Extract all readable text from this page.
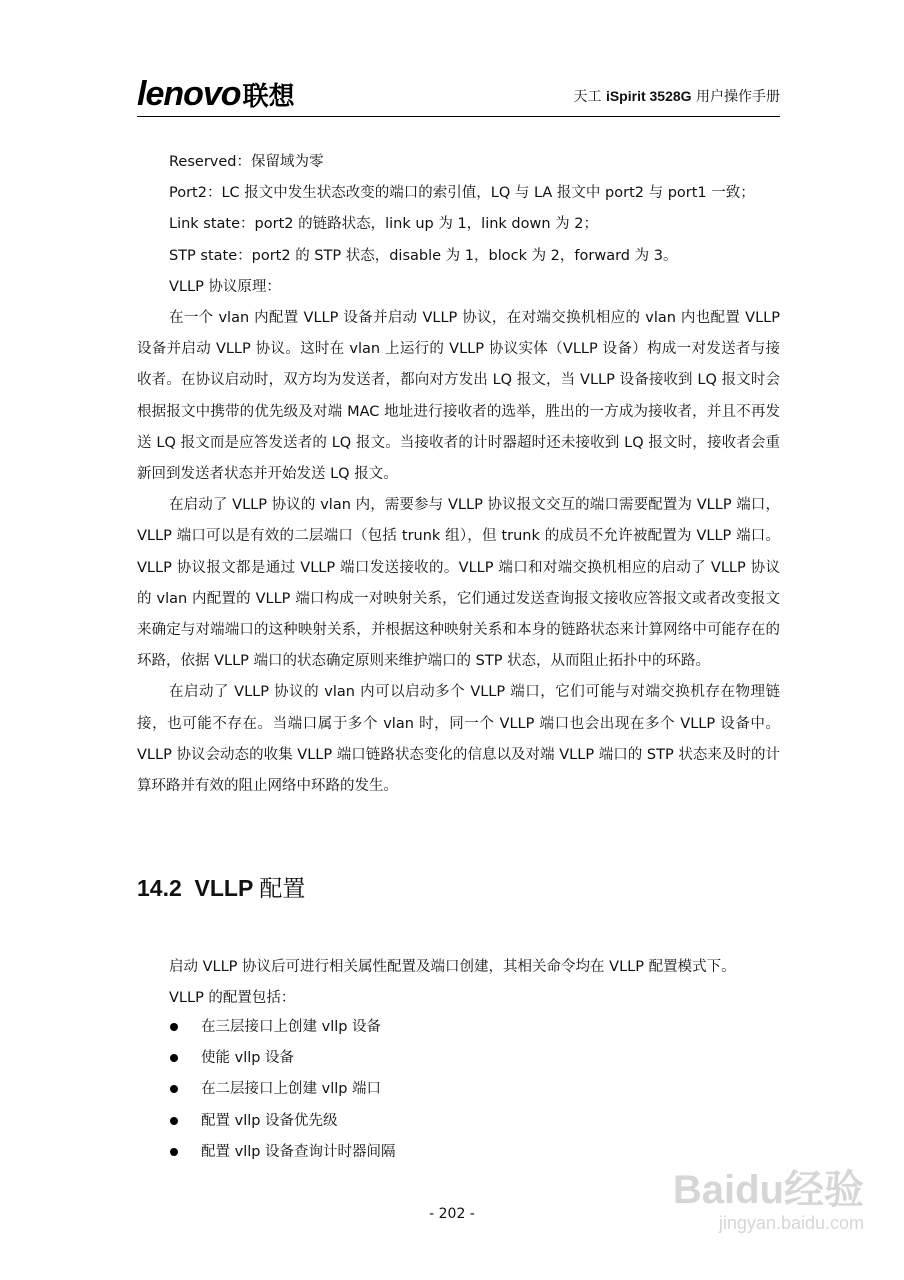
lenovo联想	天工 iSpirit 3528G 用户操作手册

Reserved：保留域为零

Port2：LC 报文中发生状态改变的端口的索引值，LQ 与 LA 报文中 port2 与 port1 一致；

Link state：port2 的链路状态，link up 为 1，link down 为 2；

STP state：port2 的 STP 状态，disable 为 1，block 为 2，forward 为 3。

VLLP 协议原理：

在一个 vlan 内配置 VLLP 设备并启动 VLLP 协议，在对端交换机相应的 vlan 内也配置 VLLP 设备并启动 VLLP 协议。这时在 vlan 上运行的 VLLP 协议实体（VLLP 设备）构成一对发送者与接收者。在协议启动时，双方均为发送者，都向对方发出 LQ 报文，当 VLLP 设备接收到 LQ 报文时会根据报文中携带的优先级及对端 MAC 地址进行接收者的选举，胜出的一方成为接收者，并且不再发送 LQ 报文而是应答发送者的 LQ 报文。当接收者的计时器超时还未接收到 LQ 报文时，接收者会重新回到发送者状态并开始发送 LQ 报文。

在启动了 VLLP 协议的 vlan 内，需要参与 VLLP 协议报文交互的端口需要配置为 VLLP 端口，VLLP 端口可以是有效的二层端口（包括 trunk 组），但 trunk 的成员不允许被配置为 VLLP 端口。VLLP 协议报文都是通过 VLLP 端口发送接收的。VLLP 端口和对端交换机相应的启动了 VLLP 协议的 vlan 内配置的 VLLP 端口构成一对映射关系，它们通过发送查询报文接收应答报文或者改变报文来确定与对端端口的这种映射关系，并根据这种映射关系和本身的链路状态来计算网络中可能存在的环路，依据 VLLP 端口的状态确定原则来维护端口的 STP 状态，从而阻止拓扑中的环路。

在启动了 VLLP 协议的 vlan 内可以启动多个 VLLP 端口，它们可能与对端交换机存在物理链接，也可能不存在。当端口属于多个 vlan 时，同一个 VLLP 端口也会出现在多个 VLLP 设备中。VLLP 协议会动态的收集 VLLP 端口链路状态变化的信息以及对端 VLLP 端口的 STP 状态来及时的计算环路并有效的阻止网络中环路的发生。

14.2 VLLP 配置

启动 VLLP 协议后可进行相关属性配置及端口创建，其相关命令均在 VLLP 配置模式下。

VLLP 的配置包括：

在三层接口上创建 vllp 设备
使能 vllp 设备
在二层接口上创建 vllp 端口
配置 vllp 设备优先级
配置 vllp 设备查询计时器间隔
- 202 -
Baidu经验
jingyan.baidu.com
